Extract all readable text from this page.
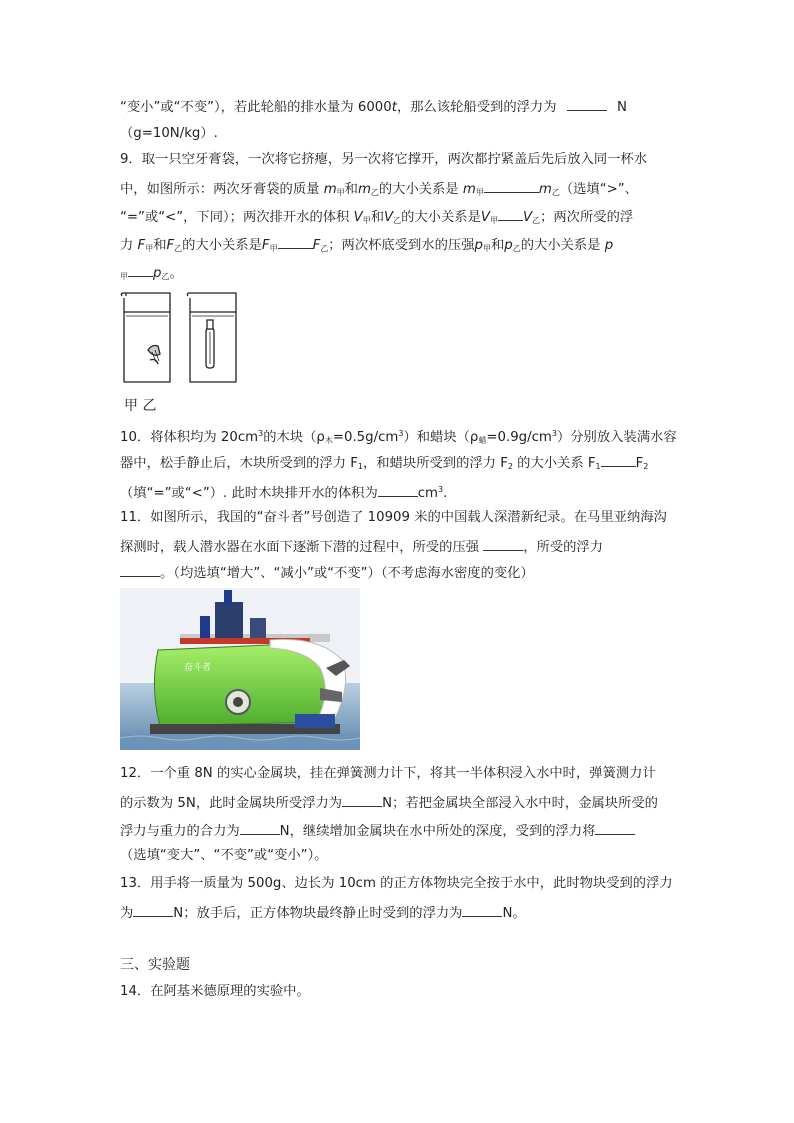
“变小”或“不变”），若此轮船的排水量为 6000t，那么该轮船受到的浮力为	N
（g=10N/kg）.
9．取一只空牙膏袋，一次将它挤瘪，另一次将它撑开，两次都拧紧盖后先后放入同一杯水
中，如图所示：两次牙膏袋的质量 $m_甲$和$m_乙$的大小关系是 $m_甲$	$m_乙$（选填“>”、
“=”或“<”，下同）；两次排开水的体积 $V_甲$和$V_乙$的大小关系是$V_甲$ $V_乙$；两次所受的浮
力 $F_甲$和$F_乙$的大小关系是$F_甲$	$F_乙$；两次杯底受到水的压强$p_甲$和$p_乙$的大小关系是 p
$_甲$ $p_乙$。
甲 乙
10．将体积均为 $20cm^3$的木块$(\rho_木=0.5g/cm^3)$和蜡块$(\rho_蜡=0.9g/cm^3)$分别放入装满水容
器中，松手静止后，木块所受到的浮力 $F_1$，和蜡块所受到的浮力 $F_2$ 的大小关系 $F_1$	$F_2$
（填“=”或“<”）. 此时木块排开水的体积为	$cm^3$.
11．如图所示，我国的“奋斗者”号创造了 10909 米的中国载人深潜新纪录。在马里亚纳海沟
探测时，载人潜水器在水面下逐渐下潜的过程中，所受的压强	，所受的浮力
。（均选填“增大”、“减小”或“不变”）（不考虑海水密度的变化）
奋斗者
12．一个重 8N 的实心金属块，挂在弹簧测力计下，将其一半体积浸入水中时，弹簧测力计
的示数为 5N，此时金属块所受浮力为	N；若把金属块全部浸入水中时，金属块所受的
浮力与重力的合力为	N，继续增加金属块在水中所处的深度，受到的浮力将
（选填“变大”、“不变”或“变小”）。
13．用手将一质量为 500g、边长为 10cm 的正方体物块完全按于水中，此时物块受到的浮力
为	N；放手后，正方体物块最终静止时受到的浮力为	N。
三、实验题
14．在阿基米德原理的实验中。
